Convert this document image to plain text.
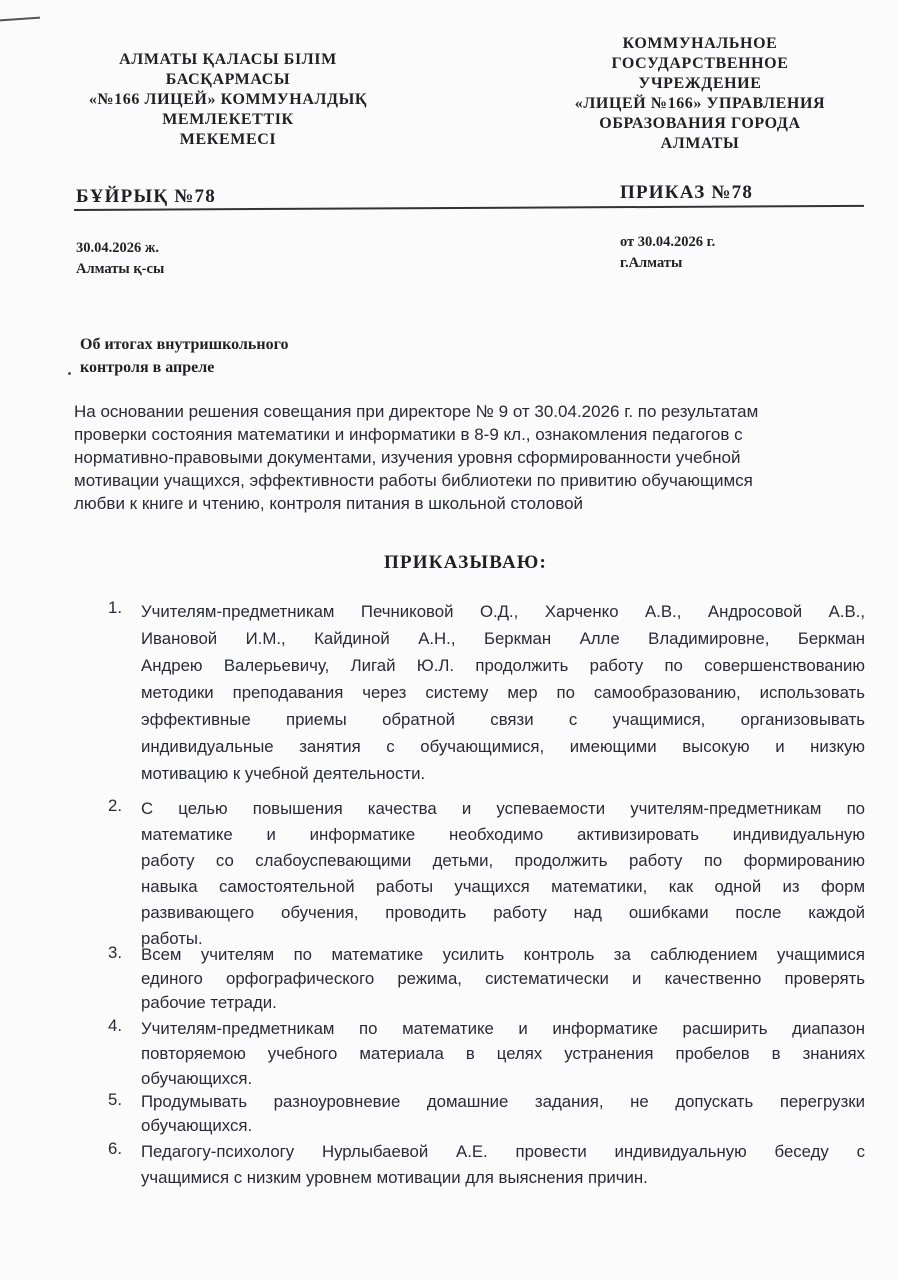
АЛМАТЫ ҚАЛАСЫ БІЛІМ
БАСҚАРМАСЫ
«№166 ЛИЦЕЙ» КОММУНАЛДЫҚ
МЕМЛЕКЕТТІК
МЕКЕМЕСІ
КОММУНАЛЬНОЕ
ГОСУДАРСТВЕННОЕ
УЧРЕЖДЕНИЕ
«ЛИЦЕЙ №166» УПРАВЛЕНИЯ
ОБРАЗОВАНИЯ ГОРОДА
АЛМАТЫ
БҰЙРЫҚ №78	ПРИКАЗ №78
30.04.2026 ж.
Алматы қ-сы
от 30.04.2026 г.
г.Алматы
Об итогах внутришкольного
контроля в апреле
На основании решения совещания при директоре № 9 от 30.04.2026 г. по результатам
проверки состояния математики и информатики в 8-9 кл., ознакомления педагогов с
нормативно-правовыми документами, изучения уровня сформированности учебной
мотивации учащихся, эффективности работы библиотеки по привитию обучающимся
любви к книге и чтению, контроля питания в школьной столовой
ПРИКАЗЫВАЮ:
1. Учителям-предметникам Печниковой О.Д., Харченко А.В., Андросовой А.В.,
Ивановой И.М., Кайдиной А.Н., Беркман Алле Владимировне, Беркман
Андрею Валерьевичу, Лигай Ю.Л. продолжить работу по совершенствованию
методики преподавания через систему мер по самообразованию, использовать
эффективные приемы обратной связи с учащимися, организовывать
индивидуальные занятия с обучающимися, имеющими высокую и низкую
мотивацию к учебной деятельности.
2. С целью повышения качества и успеваемости учителям-предметникам по
математике и информатике необходимо активизировать индивидуальную
работу со слабоуспевающими детьми, продолжить работу по формированию
навыка самостоятельной работы учащихся математики, как одной из форм
развивающего обучения, проводить работу над ошибками после каждой
работы.
3. Всем учителям по математике усилить контроль за саблюдением учащимися
единого орфографического режима, систематически и качественно проверять
рабочие тетради.
4. Учителям-предметникам по математике и информатике расширить диапазон
повторяемою учебного материала в целях устранения пробелов в знаниях
обучающихся.
5. Продумывать разноуровневие домашние задания, не допускать перегрузки
обучающихся.
6. Педагогу-психологу Нурлыбаевой А.Е. провести индивидуальную беседу с
учащимися с низким уровнем мотивации для выяснения причин.
